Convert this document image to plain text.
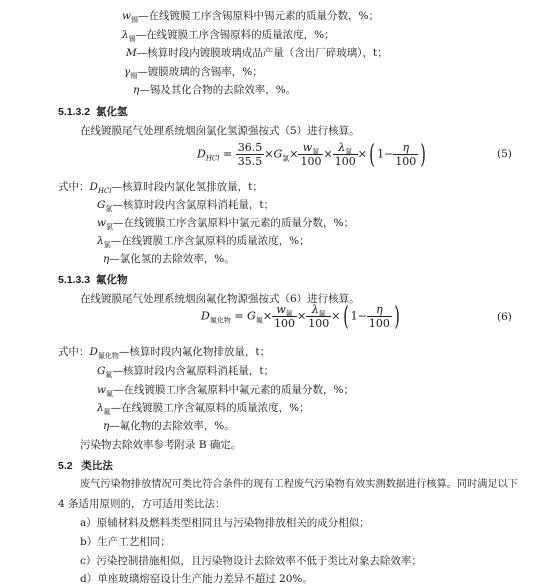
$w_锡—$在线镀膜工序含锡原料中锡元素的质量分数，%；
$\lambda_锡—$在线镀膜工序含锡原料的质量浓度，%；
M—核算时段内镀膜玻璃成品产量（含出厂碎玻璃），t；
$\gamma_锡—$镀膜玻璃的含锡率，%；
η—锡及其化合物的去除效率，%。
5.1.3.2 氯化氢
在线镀膜尾气处理系统烟囱氯化氢源强按式（5）进行核算。
$D_{HCl} = \frac{36.5}{35.5} \times G_氯\times \frac{w_氯}{100} \times \frac{\lambda_氯}{100}$ ×( $1- \frac{\eta}{100}$ )	(5)
式中：$D_{HCl}—$核算时段内氯化氢排放量，t；
$G_氯—$核算时段内含氯原料消耗量，t；
$w_氯—$在线镀膜工序含氯原料中氯元素的质量分数，%；
$\lambda_氯—$在线镀膜工序含氯原料的质量浓度，%；
η—氯化氢的去除效率，%。
5.1.3.3 氟化物
在线镀膜尾气处理系统烟囱氟化物源强按式（6）进行核算。
$D_{氟化物} = G_氟\times \frac{w_氟}{100} \times \frac{\lambda_氟}{100}$ ×( $1- \frac{\eta}{100}$ )	(6)
式中：$D_{氟化物}—$核算时段内氟化物排放量，t；
$G_氟—$核算时段内含氟原料消耗量，t；
$w_氟—$在线镀膜工序含氟原料中氟元素的质量分数，%；
$\lambda_氟—$在线镀膜工序含氟原料的质量浓度，%；
η—氟化物的去除效率，%。
污染物去除效率参考附录 B 确定。
5.2 类比法
废气污染物排放情况可类比符合条件的现有工程废气污染物有效实测数据进行核算。同时满足以下
4 条适用原则的，方可适用类比法：
a）原辅材料及燃料类型相同且与污染物排放相关的成分相似；
b）生产工艺相同；
c）污染控制措施相似，且污染物设计去除效率不低于类比对象去除效率；
d）单座玻璃熔窑设计生产能力差异不超过 20%。
